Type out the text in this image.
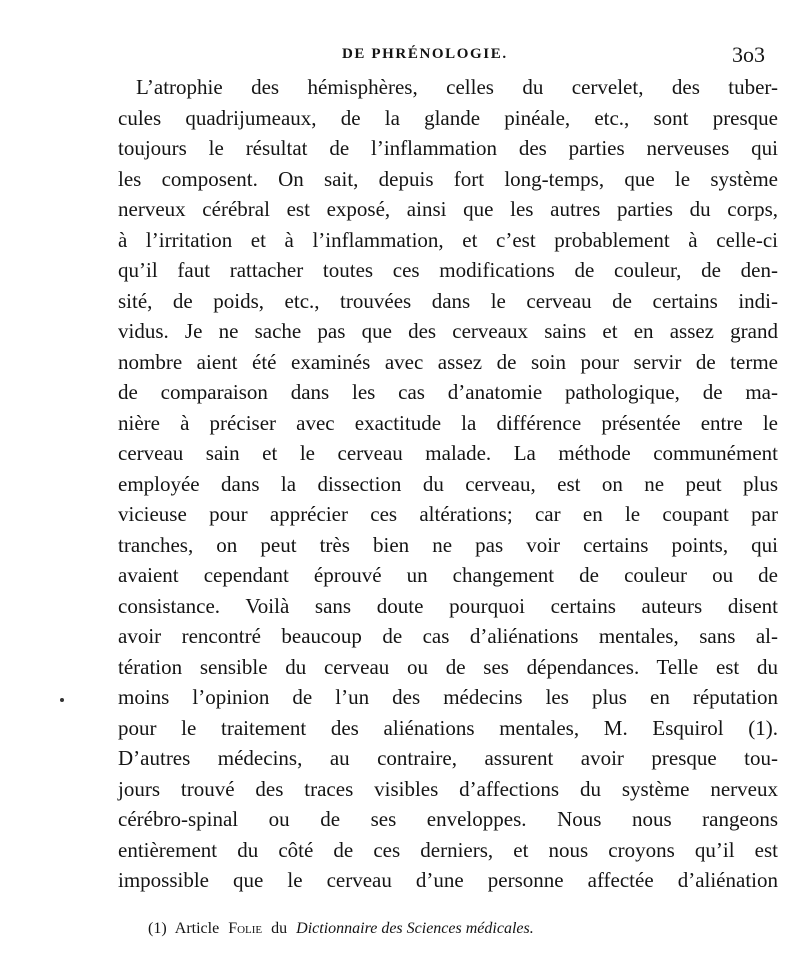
DE PHRÉNOLOGIE.	3o3
L’atrophie des hémisphères, celles du cervelet, des tuber-
cules quadrijumeaux, de la glande pinéale, etc., sont presque
toujours le résultat de l’inflammation des parties nerveuses qui
les composent. On sait, depuis fort long-temps, que le système
nerveux cérébral est exposé, ainsi que les autres parties du corps,
à l’irritation et à l’inflammation, et c’est probablement à celle-ci
qu’il faut rattacher toutes ces modifications de couleur, de den-
sité, de poids, etc., trouvées dans le cerveau de certains indi-
vidus. Je ne sache pas que des cerveaux sains et en assez grand
nombre aient été examinés avec assez de soin pour servir de terme
de comparaison dans les cas d’anatomie pathologique, de ma-
nière à préciser avec exactitude la différence présentée entre le
cerveau sain et le cerveau malade. La méthode communément
employée dans la dissection du cerveau, est on ne peut plus
vicieuse pour apprécier ces altérations; car en le coupant par
tranches, on peut très bien ne pas voir certains points, qui
avaient cependant éprouvé un changement de couleur ou de
consistance. Voilà sans doute pourquoi certains auteurs disent
avoir rencontré beaucoup de cas d’aliénations mentales, sans al-
tération sensible du cerveau ou de ses dépendances. Telle est du
moins l’opinion de l’un des médecins les plus en réputation
pour le traitement des aliénations mentales, M. Esquirol (1).
D’autres médecins, au contraire, assurent avoir presque tou-
jours trouvé des traces visibles d’affections du système nerveux
cérébro-spinal ou de ses enveloppes. Nous nous rangeons
entièrement du côté de ces derniers, et nous croyons qu’il est
impossible que le cerveau d’une personne affectée d’aliénation
(1) Article Folie du Dictionnaire des Sciences médicales.
